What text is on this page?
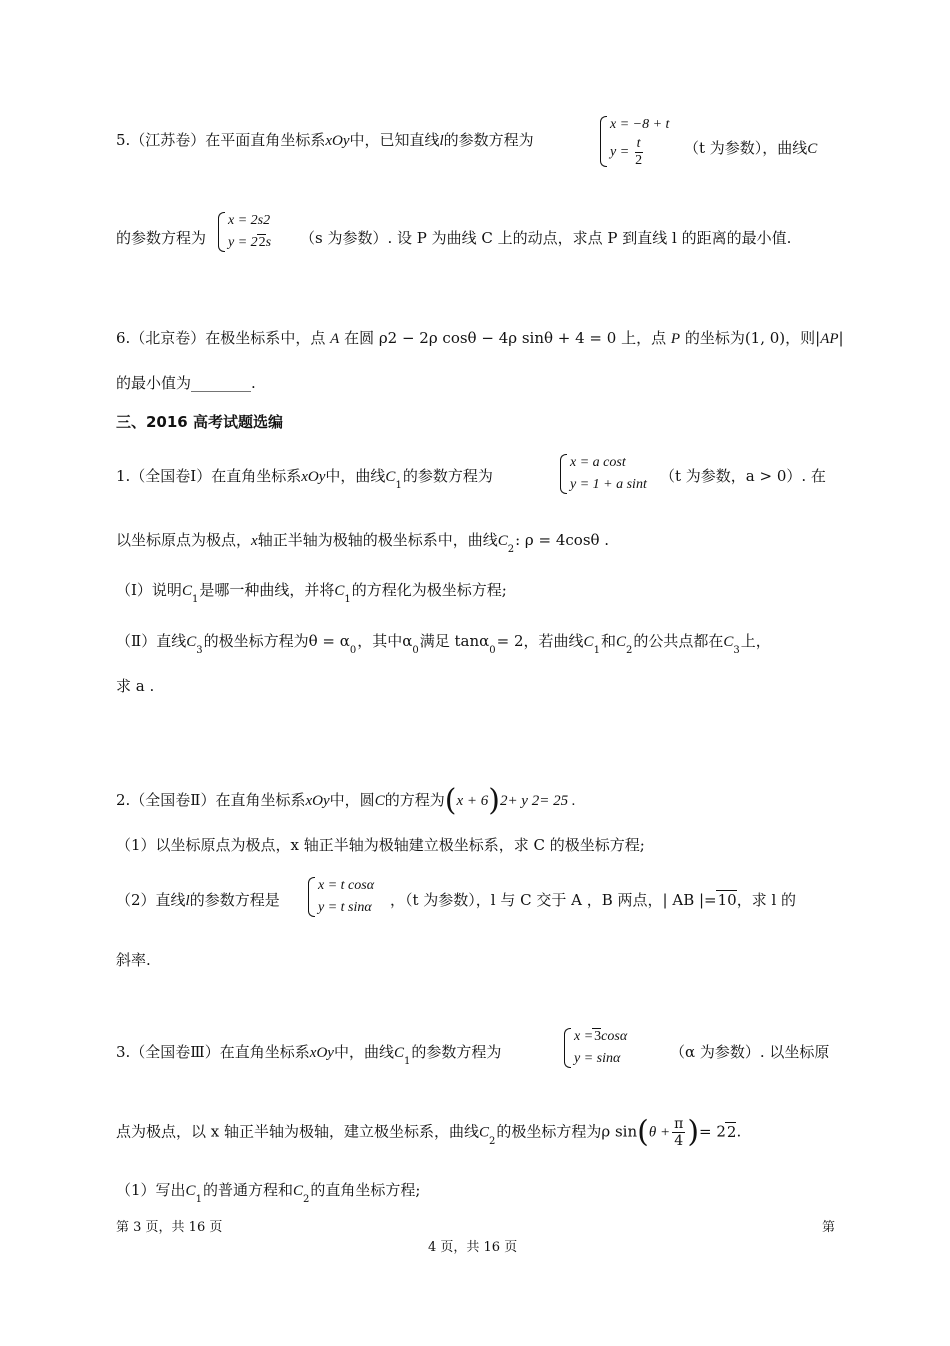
5.（江苏卷）在平面直角坐标系xOy中，已知直线l的参数方程为
x = −8 + t
$y = \frac{t}{2}$	（t 为参数），曲线C
的参数方程为
x = 2s2
y = 22s （s 为参数）. 设 P 为曲线 C 上的动点，求点 P 到直线 l 的距离的最小值.
6.（北京卷）在极坐标系中，点 A 在圆 ρ2 − 2ρ cosθ − 4ρ sinθ + 4 = 0 上，点 P 的坐标为(1, 0)，则|AP|
的最小值为________.
三、2016 高考试题选编
1.（全国卷Ⅰ）在直角坐标系xOy中，曲线$C_1$的参数方程为
x = a cost
y = 1 + a sint （t 为参数，a > 0）. 在
以坐标原点为极点，x轴正半轴为极轴的极坐标系中，曲线$C_2$: ρ = 4cosθ .
（Ⅰ）说明$C_1$是哪一种曲线，并将$C_1$的方程化为极坐标方程;
（Ⅱ）直线$C_3$的极坐标方程为$\theta = \alpha_0$，其中$\alpha_0$满足 tanα$_0$= 2，若曲线$C_1$和$C_2$的公共点都在$C_3$上，
求 a .
2.（全国卷Ⅱ）在直角坐标系xOy中，圆C的方程为(x + 6)2+ y 2= 25 .
（1）以坐标原点为极点，x 轴正半轴为极轴建立极坐标系，求 C 的极坐标方程;
（2）直线l的参数方程是
x = t cosα
y = t sinα ，（t 为参数），l 与 C 交于 A ，B 两点，| AB |=10，求 l 的
斜率.
3.（全国卷Ⅲ）在直角坐标系xOy中，曲线$C_1$的参数方程为
x =3cosα
y = sinα	（α 为参数）. 以坐标原
点为极点，以 x 轴正半轴为极轴，建立极坐标系，曲线$C_2$的极坐标方程为ρ $\sin(\theta + \frac{\pi}{4}$ )= 22.
（1）写出$C_1$的普通方程和$C_2$的直角坐标方程;
第 3 页，共 16 页	第
4 页，共 16 页
